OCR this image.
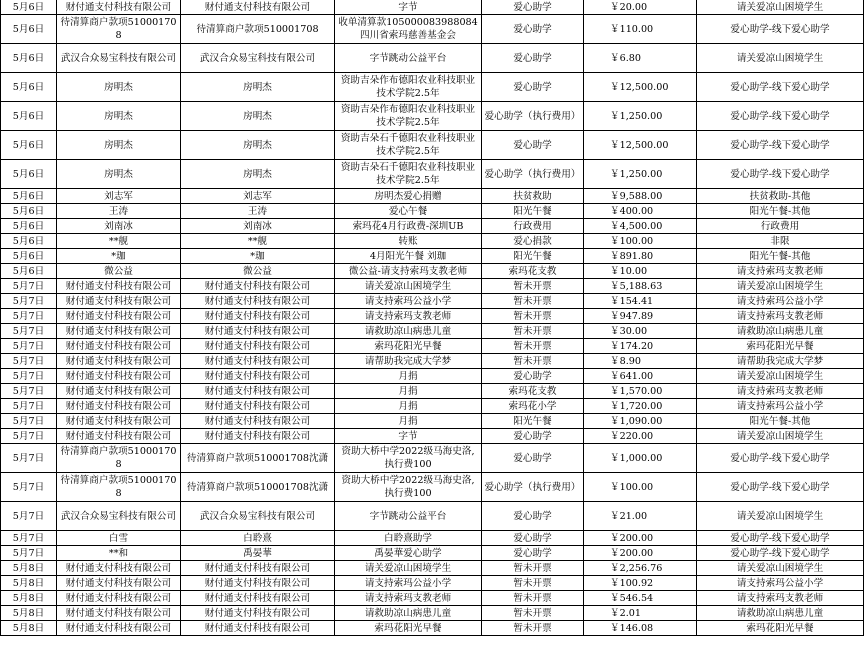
5月6日	财付通支付科技有限公司	财付通支付科技有限公司	字节	爱心助学	￥20.00	请关爱凉山困境学生
5月6日	待清算商户款项510001708	待清算商户款项510001708	收单清算款105000083988084四川省索玛慈善基金会	爱心助学	￥110.00	爱心助学-线下爱心助学
5月6日	武汉合众易宝科技有限公司	武汉合众易宝科技有限公司	字节跳动公益平台	爱心助学	￥6.80	请关爱凉山困境学生
5月6日	房明杰	房明杰	资助吉朵作布德阳农业科技职业技术学院2.5年	爱心助学	￥12,500.00	爱心助学-线下爱心助学
5月6日	房明杰	房明杰	资助吉朵作布德阳农业科技职业技术学院2.5年	爱心助学（执行费用）	￥1,250.00	爱心助学-线下爱心助学
5月6日	房明杰	房明杰	资助吉朵石千德阳农业科技职业技术学院2.5年	爱心助学	￥12,500.00	爱心助学-线下爱心助学
5月6日	房明杰	房明杰	资助吉朵石千德阳农业科技职业技术学院2.5年	爱心助学（执行费用）	￥1,250.00	爱心助学-线下爱心助学
5月6日	刘志军	刘志军	房明杰爱心捐赠	扶贫救助	￥9,588.00	扶贫救助-其他
5月6日	王涛	王涛	爱心午餐	阳光午餐	￥400.00	阳光午餐-其他
5月6日	刘南冰	刘南冰	索玛花4月行政费-深圳UB	行政费用	￥4,500.00	行政费用
5月6日	**舰	**舰	转账	爱心捐款	￥100.00	非限
5月6日	*珈	*珈	4月阳光午餐 刘珈	阳光午餐	￥891.80	阳光午餐-其他
5月6日	微公益	微公益	微公益-请支持索玛支教老师	索玛花支教	￥10.00	请支持索玛支教老师
5月7日	财付通支付科技有限公司	财付通支付科技有限公司	请关爱凉山困境学生	暂未开票	￥5,188.63	请关爱凉山困境学生
5月7日	财付通支付科技有限公司	财付通支付科技有限公司	请支持索玛公益小学	暂未开票	￥154.41	请支持索玛公益小学
5月7日	财付通支付科技有限公司	财付通支付科技有限公司	请支持索玛支教老师	暂未开票	￥947.89	请支持索玛支教老师
5月7日	财付通支付科技有限公司	财付通支付科技有限公司	请救助凉山病患儿童	暂未开票	￥30.00	请救助凉山病患儿童
5月7日	财付通支付科技有限公司	财付通支付科技有限公司	索玛花阳光早餐	暂未开票	￥174.20	索玛花阳光早餐
5月7日	财付通支付科技有限公司	财付通支付科技有限公司	请帮助我完成大学梦	暂未开票	￥8.90	请帮助我完成大学梦
5月7日	财付通支付科技有限公司	财付通支付科技有限公司	月捐	爱心助学	￥641.00	请关爱凉山困境学生
5月7日	财付通支付科技有限公司	财付通支付科技有限公司	月捐	索玛花支教	￥1,570.00	请支持索玛支教老师
5月7日	财付通支付科技有限公司	财付通支付科技有限公司	月捐	索玛花小学	￥1,720.00	请支持索玛公益小学
5月7日	财付通支付科技有限公司	财付通支付科技有限公司	月捐	阳光午餐	￥1,090.00	阳光午餐-其他
5月7日	财付通支付科技有限公司	财付通支付科技有限公司	字节	爱心助学	￥220.00	请关爱凉山困境学生
5月7日	待清算商户款项510001708	待清算商户款项510001708沈潇	资助大桥中学2022级马海史洛,执行费100	爱心助学	￥1,000.00	爱心助学-线下爱心助学
5月7日	待清算商户款项510001708	待清算商户款项510001708沈潇	资助大桥中学2022级马海史洛,执行费100	爱心助学（执行费用）	￥100.00	爱心助学-线下爱心助学
5月7日	武汉合众易宝科技有限公司	武汉合众易宝科技有限公司	字节跳动公益平台	爱心助学	￥21.00	请关爱凉山困境学生
5月7日	白雪	白聆熹	白聆熹助学	爱心助学	￥200.00	爱心助学-线下爱心助学
5月7日	**和	禹晏華	禹晏華爱心助学	爱心助学	￥200.00	爱心助学-线下爱心助学
5月8日	财付通支付科技有限公司	财付通支付科技有限公司	请关爱凉山困境学生	暂未开票	￥2,256.76	请关爱凉山困境学生
5月8日	财付通支付科技有限公司	财付通支付科技有限公司	请支持索玛公益小学	暂未开票	￥100.92	请支持索玛公益小学
5月8日	财付通支付科技有限公司	财付通支付科技有限公司	请支持索玛支教老师	暂未开票	￥546.54	请支持索玛支教老师
5月8日	财付通支付科技有限公司	财付通支付科技有限公司	请救助凉山病患儿童	暂未开票	￥2.01	请救助凉山病患儿童
5月8日	财付通支付科技有限公司	财付通支付科技有限公司	索玛花阳光早餐	暂未开票	￥146.08	索玛花阳光早餐
